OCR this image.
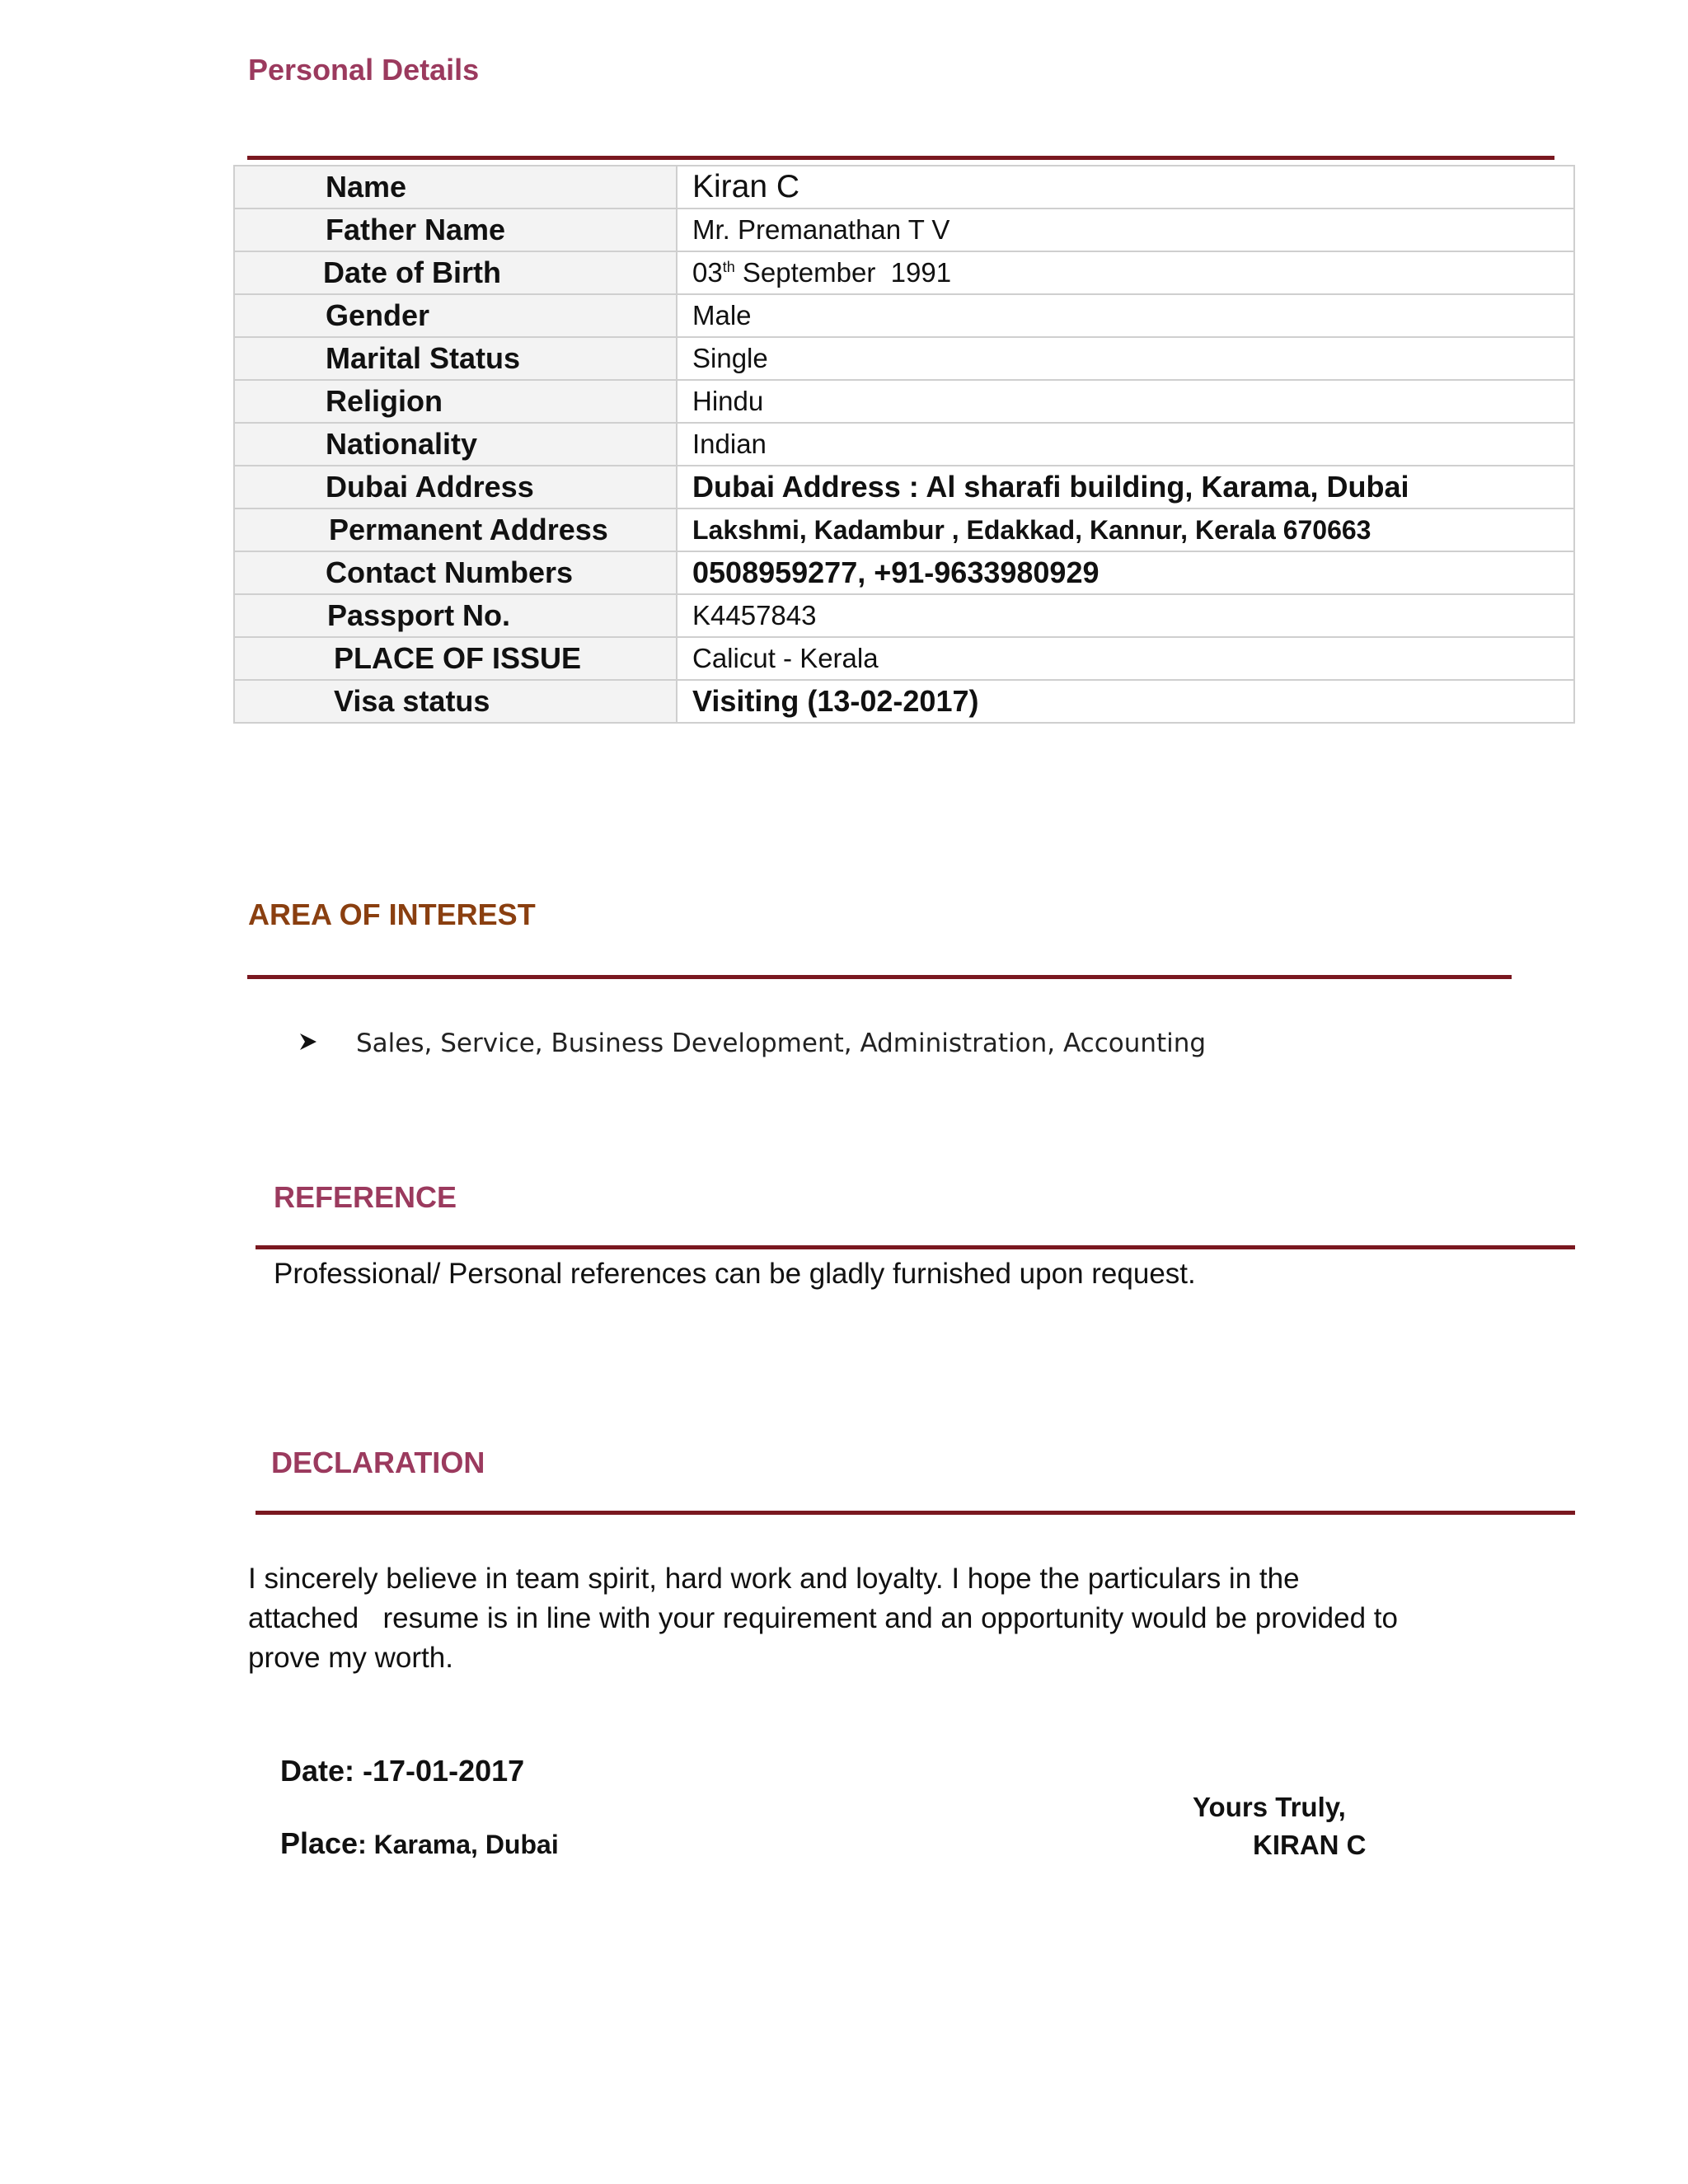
Personal Details
Name	Kiran C
Father Name	Mr. Premanathan T V
Date of Birth	03th September  1991
Gender	Male
Marital Status	Single
Religion	Hindu
Nationality	Indian
Dubai Address	Dubai Address : Al sharafi building, Karama, Dubai
Permanent Address	Lakshmi, Kadambur , Edakkad, Kannur, Kerala 670663
Contact Numbers	0508959277, +91-9633980929
Passport No.	K4457843
PLACE OF ISSUE	Calicut - Kerala
Visa status	Visiting (13-02-2017)
AREA OF INTEREST
Sales, Service, Business Development, Administration, Accounting
REFERENCE
Professional/ Personal references can be gladly furnished upon request.
DECLARATION

I sincerely believe in team spirit, hard work and loyalty. I hope the particulars in the
attached   resume is in line with your requirement and an opportunity would be provided to
prove my worth.

Date: -17-01-2017
Place: Karama, Dubai
Yours Truly,
KIRAN C
